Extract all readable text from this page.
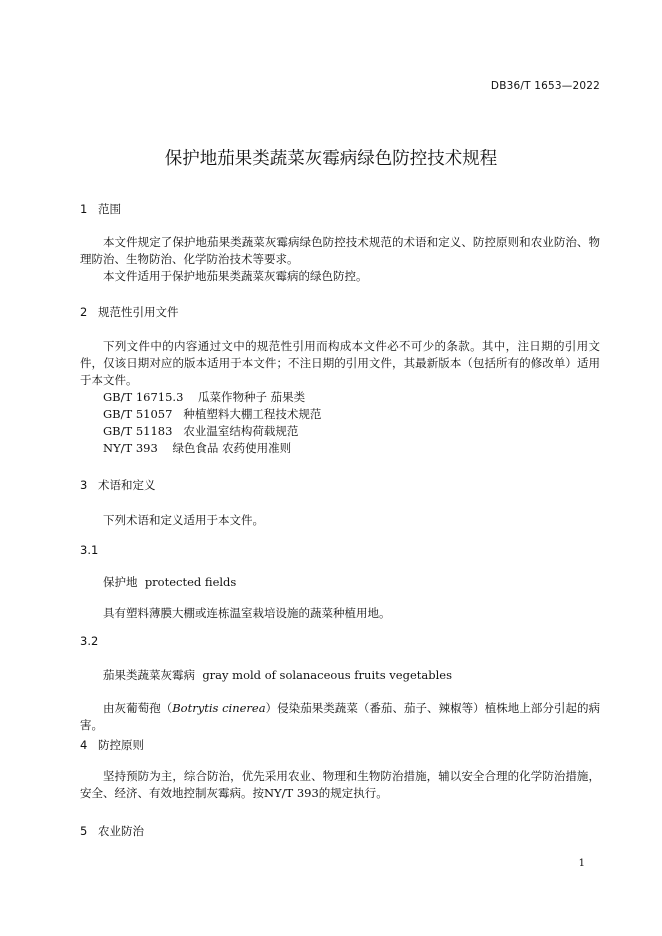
DB36/T 1653—2022
保护地茄果类蔬菜灰霉病绿色防控技术规程
1 范围
本文件规定了保护地茄果类蔬菜灰霉病绿色防控技术规范的术语和定义、防控原则和农业防治、物理防治、生物防治、化学防治技术等要求。
本文件适用于保护地茄果类蔬菜灰霉病的绿色防控。
2 规范性引用文件
下列文件中的内容通过文中的规范性引用而构成本文件必不可少的条款。其中，注日期的引用文件，仅该日期对应的版本适用于本文件；不注日期的引用文件，其最新版本（包括所有的修改单）适用于本文件。
GB/T 16715.3 瓜菜作物种子 茄果类
GB/T 51057 种植塑料大棚工程技术规范
GB/T 51183 农业温室结构荷载规范
NY/T 393 绿色食品 农药使用准则
3 术语和定义
下列术语和定义适用于本文件。
3.1
保护地 protected fields
具有塑料薄膜大棚或连栋温室栽培设施的蔬菜种植用地。
3.2
茄果类蔬菜灰霉病 gray mold of solanaceous fruits vegetables
由灰葡萄孢（Botrytis cinerea）侵染茄果类蔬菜（番茄、茄子、辣椒等）植株地上部分引起的病害。
4 防控原则
坚持预防为主，综合防治，优先采用农业、物理和生物防治措施，辅以安全合理的化学防治措施，安全、经济、有效地控制灰霉病。按NY/T 393的规定执行。
5 农业防治
1
